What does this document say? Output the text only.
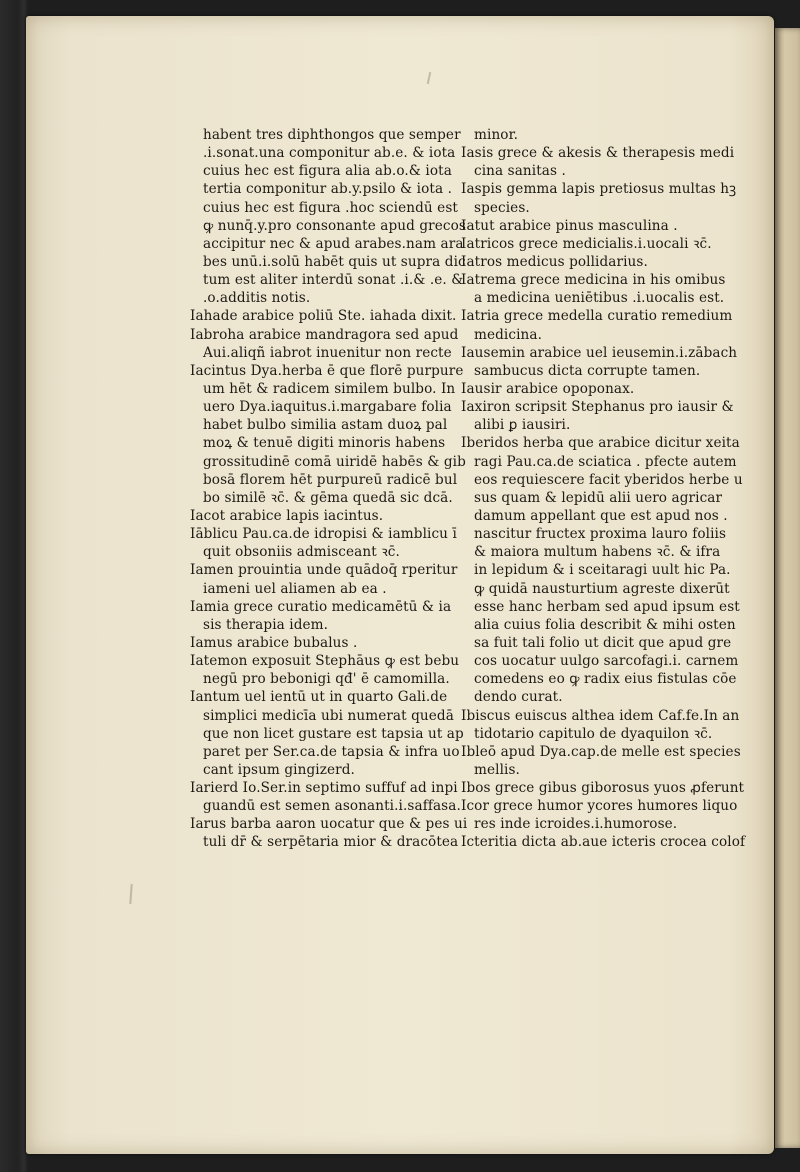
habent tres diphthongos que semper
.i.sonat.una componitur ab.e. & iota
cuius hec est figura alia ab.o.& iota
tertia componitur ab.y.psilo & iota .
cuius hec est figura .hoc sciendū est
ꝙ nunq̄.y.pro consonante apud grecos
accipitur nec & apud arabes.nam ara
bes unū.i.solū habēt quis ut supra dic
tum est aliter interdū sonat .i.& .e. &
.o.additis notis.
Iahade arabice poliū Ste. iahada dixit.
Iabroha arabice mandragora sed apud
Aui.aliqñ iabrot inuenitur non recte
Iacintus Dya.herba ē que florē purpure
um hēt & radicem similem bulbo. In
uero Dya.iaquitus.i.margabare folia
habet bulbo similia astam duoꝝ pal
moꝝ & tenuē digiti minoris habens
grossitudinē comā uiridē habēs & gib
bosā florem hēt purpureū radicē bul
bo similē ꝛc̄. & gēma quedā sic dcā.
Iacot arabice lapis iacintus.
Iāblicu Pau.ca.de idropisi & iamblicu ī
quit obsoniis admisceant ꝛc̄.
Iamen prouintia unde quādoq̄ rperitur
iameni uel aliamen ab ea .
Iamia grece curatio medicamētū & ia
sis therapia idem.
Iamus arabice bubalus .
Iatemon exposuit Stephāus ꝙ est bebu
negū pro bebonigi qđ' ē camomilla.
Iantum uel ientū ut in quarto Gali.de
simplici medicīa ubi numerat quedā
que non licet gustare est tapsia ut ap
paret per Ser.ca.de tapsia & infra uo
cant ipsum gingizerd.
Iarierd Io.Ser.in septimo suffuf ad inpi
guandū est semen asonanti.i.saffasa.
Iarus barba aaron uocatur que & pes ui
tuli dr̄ & serpētaria mior & dracōtea
minor.
Iasis grece & akesis & therapesis medi
cina sanitas .
Iaspis gemma lapis pretiosus multas hꝫ
species.
Iatut arabice pinus masculina .
Iatricos grece medicialis.i.uocali ꝛc̄.
Iatros medicus pollidarius.
Iatrema grece medicina in his omibus
a medicina ueniētibus .i.uocalis est.
Iatria grece medella curatio remedium
medicina.
Iausemin arabice uel ieusemin.i.zābach
sambucus dicta corrupte tamen.
Iausir arabice opoponax.
Iaxiron scripsit Stephanus pro iausir &
alibi ꝑ iausiri.
Iberidos herba que arabice dicitur xeita
ragi Pau.ca.de sciatica . pfecte autem
eos requiescere facit yberidos herbe u
sus quam & lepidū alii uero agricar
damum appellant que est apud nos .
nascitur fructex proxima lauro foliis
& maiora multum habens ꝛc̄. & ifra
in lepidum & i sceitaragi uult hic Pa.
ꝙ quidā nausturtium agreste dixerūt
esse hanc herbam sed apud ipsum est
alia cuius folia describit & mihi osten
sa fuit tali folio ut dicit que apud gre
cos uocatur uulgo sarcofagi.i. carnem
comedens eo ꝙ radix eius fistulas cōe
dendo curat.
Ibiscus euiscus althea idem Caf.fe.In an
tidotario capitulo de dyaquilon ꝛc̄.
Ibleō apud Dya.cap.de melle est species
mellis.
Ibos grece gibus giborosus yuos ꝓferunt
Icor grece humor ycores humores liquo
res inde icroides.i.humorose.
Icteritia dicta ab.aue icteris crocea colof
